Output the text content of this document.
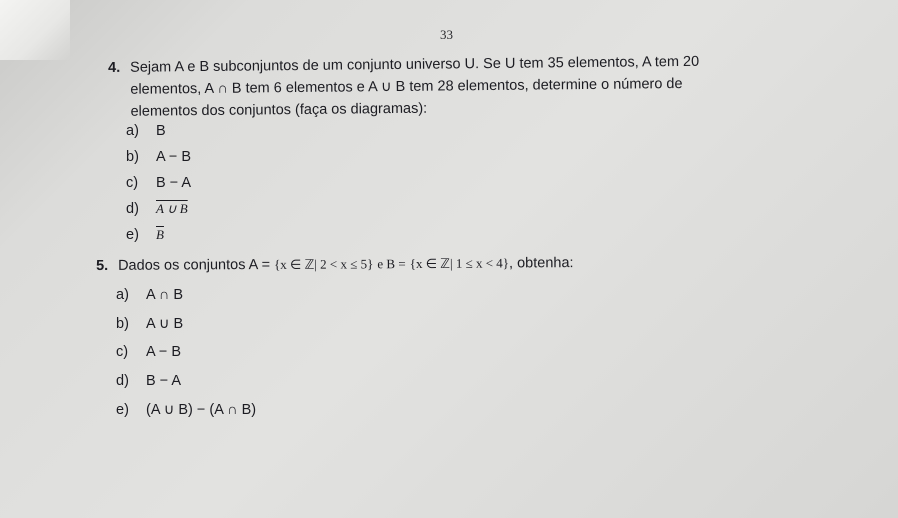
33
4. Sejam A e B subconjuntos de um conjunto universo U. Se U tem 35 elementos, A tem 20
elementos, A ∩ B tem 6 elementos e A ∪ B tem 28 elementos, determine o número de
elementos dos conjuntos (faça os diagramas):
a) B
b) A − B
c) B − A
d) A ∪ B
e) $\overline{B}$
5. Dados os conjuntos A = {x ∈ ℤ| 2 < x ≤ 5} e B = {x ∈ ℤ| 1 ≤ x < 4}, obtenha:
a) A ∩ B
b) A ∪ B
c) A − B
d) B − A
e) (A ∪ B) − (A ∩ B)
